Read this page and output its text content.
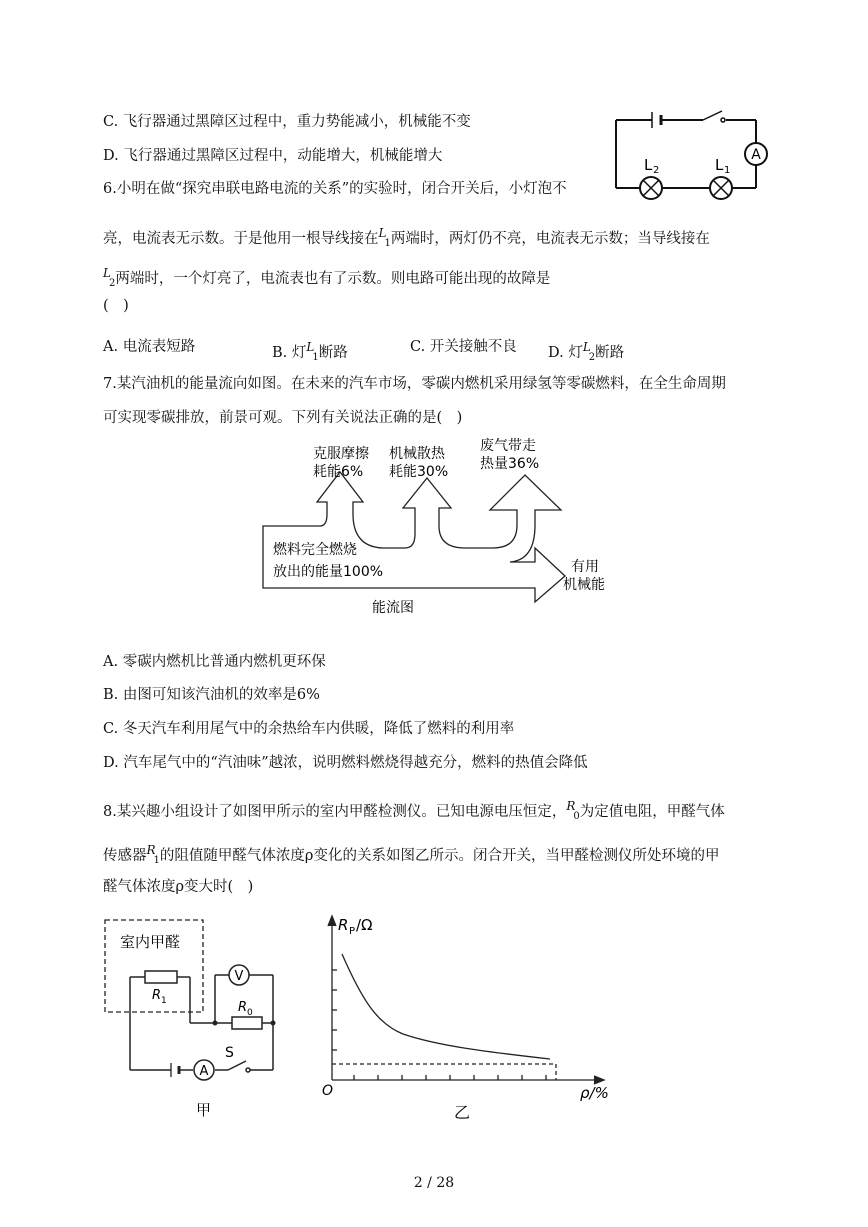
C. 飞行器通过黑障区过程中，重力势能减小，机械能不变
D. 飞行器通过黑障区过程中，动能增大，机械能增大	A
L 2	L 1
6.小明在做“探究串联电路电流的关系”的实验时，闭合开关后，小灯泡不
亮，电流表无示数。于是他用一根导线接在$^L_1$两端时，两灯仍不亮，电流表无示数；当导线接在
$^L_2$两端时，一个灯亮了，电流表也有了示数。则电路可能出现的故障是
(　)
A. 电流表短路	B. 灯$^L_1$断路	C. 开关接触不良 D. 灯$^L_2$断路
7.某汽油机的能量流向如图。在未来的汽车市场，零碳内燃机采用绿氢等零碳燃料，在全生命周期
可实现零碳排放，前景可观。下列有关说法正确的是(　)
克服摩擦
耗能6%
机械散热
耗能30%
废气带走
热量36%
燃料完全燃烧
放出的能量100%	有用
机械能
能流图
A. 零碳内燃机比普通内燃机更环保
B. 由图可知该汽油机的效率是6%
C. 冬天汽车利用尾气中的余热给车内供暖，降低了燃料的利用率
D. 汽车尾气中的“汽油味”越浓，说明燃料燃烧得越充分，燃料的热值会降低
8.某兴趣小组设计了如图甲所示的室内甲醛检测仪。已知电源电压恒定，$^R_0$为定值电阻，甲醛气体
传感器$^R_1$的阻值随甲醛气体浓度ρ变化的关系如图乙所示。闭合开关，当甲醛检测仪所处环境的甲
醛气体浓度ρ变大时(　)
室内甲醛
V
A
R 1	R 0
S
甲
R P /Ω
O	ρ/%
乙
2 / 28
